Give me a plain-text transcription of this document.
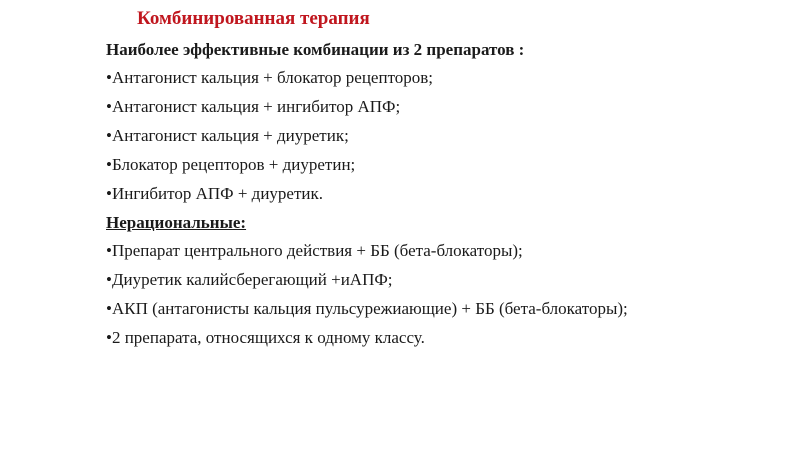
Комбинированная терапия
Наиболее эффективные комбинации из 2 препаратов :
•Антагонист кальция + блокатор рецепторов;
•Антагонист кальция + ингибитор АПФ;
•Антагонист кальция + диуретик;
•Блокатор рецепторов + диуретин;
•Ингибитор АПФ + диуретик.
Нерациональные:
•Препарат центрального действия + ББ (бета-блокаторы);
•Диуретик калийсберегающий +иАПФ;
•АКП (антагонисты кальция пульсурежиающие) + ББ (бета-блокаторы);
•2 препарата, относящихся к одному классу.
